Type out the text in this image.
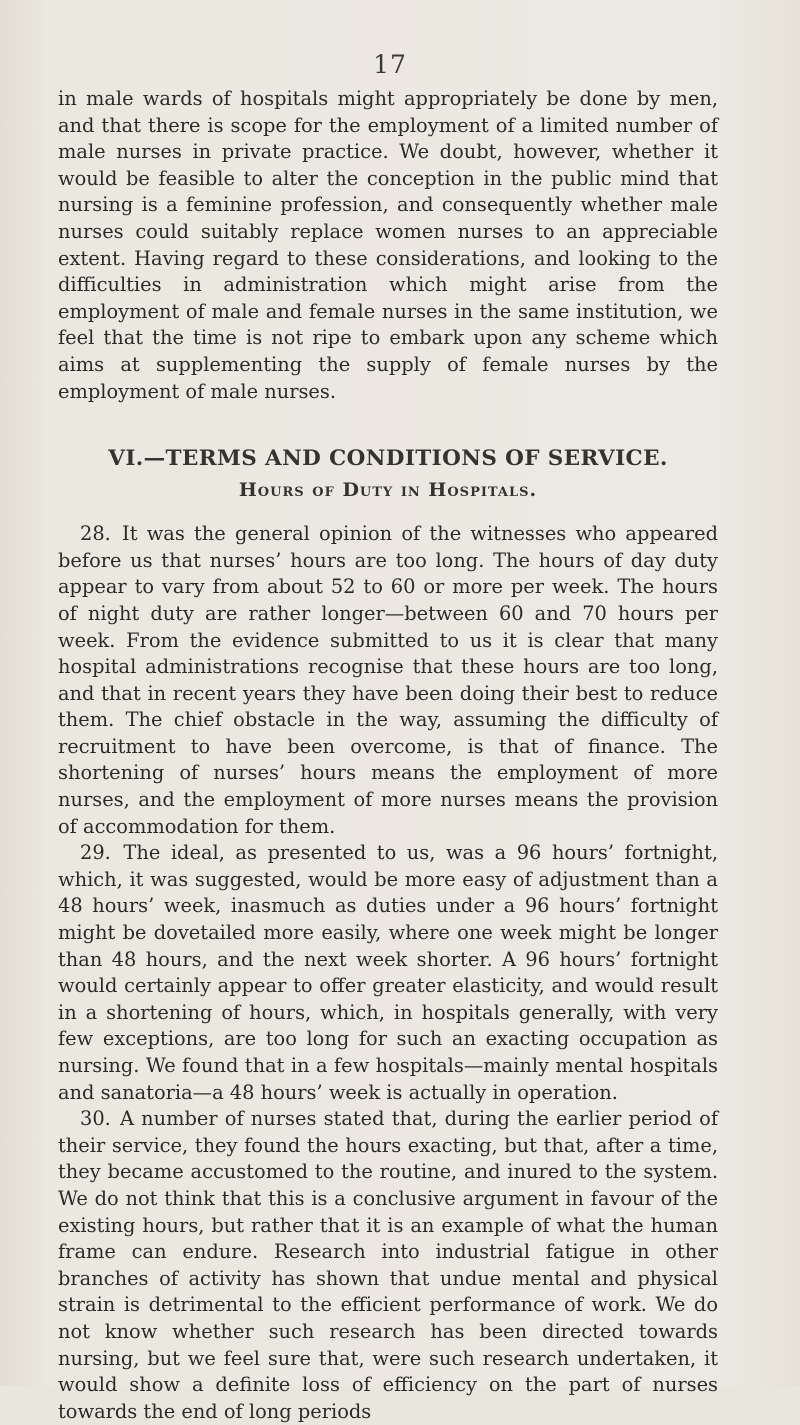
17

in male wards of hospitals might appropriately be done by men, and that there is scope for the employment of a limited number of male nurses in private practice. We doubt, however, whether it would be feasible to alter the conception in the public mind that nursing is a feminine profession, and consequently whether male nurses could suitably replace women nurses to an appreciable extent. Having regard to these considerations, and looking to the difficulties in administration which might arise from the employment of male and female nurses in the same institution, we feel that the time is not ripe to embark upon any scheme which aims at supplementing the supply of female nurses by the employment of male nurses.

VI.—TERMS AND CONDITIONS OF SERVICE.
Hours of Duty in Hospitals.

28. It was the general opinion of the witnesses who appeared before us that nurses’ hours are too long. The hours of day duty appear to vary from about 52 to 60 or more per week. The hours of night duty are rather longer—between 60 and 70 hours per week. From the evidence submitted to us it is clear that many hospital administrations recognise that these hours are too long, and that in recent years they have been doing their best to reduce them. The chief obstacle in the way, assuming the difficulty of recruitment to have been overcome, is that of finance. The shortening of nurses’ hours means the employment of more nurses, and the employment of more nurses means the provision of accommodation for them.

29. The ideal, as presented to us, was a 96 hours’ fortnight, which, it was suggested, would be more easy of adjustment than a 48 hours’ week, inasmuch as duties under a 96 hours’ fortnight might be dovetailed more easily, where one week might be longer than 48 hours, and the next week shorter. A 96 hours’ fortnight would certainly appear to offer greater elasticity, and would result in a shortening of hours, which, in hospitals generally, with very few exceptions, are too long for such an exacting occupation as nursing. We found that in a few hospitals—mainly mental hospitals and sanatoria—a 48 hours’ week is actually in operation.

30. A number of nurses stated that, during the earlier period of their service, they found the hours exacting, but that, after a time, they became accustomed to the routine, and inured to the system. We do not think that this is a conclusive argument in favour of the existing hours, but rather that it is an example of what the human frame can endure. Research into industrial fatigue in other branches of activity has shown that undue mental and physical strain is detrimental to the efficient performance of work. We do not know whether such research has been directed towards nursing, but we feel sure that, were such research undertaken, it would show a definite loss of efficiency on the part of nurses towards the end of long periods
